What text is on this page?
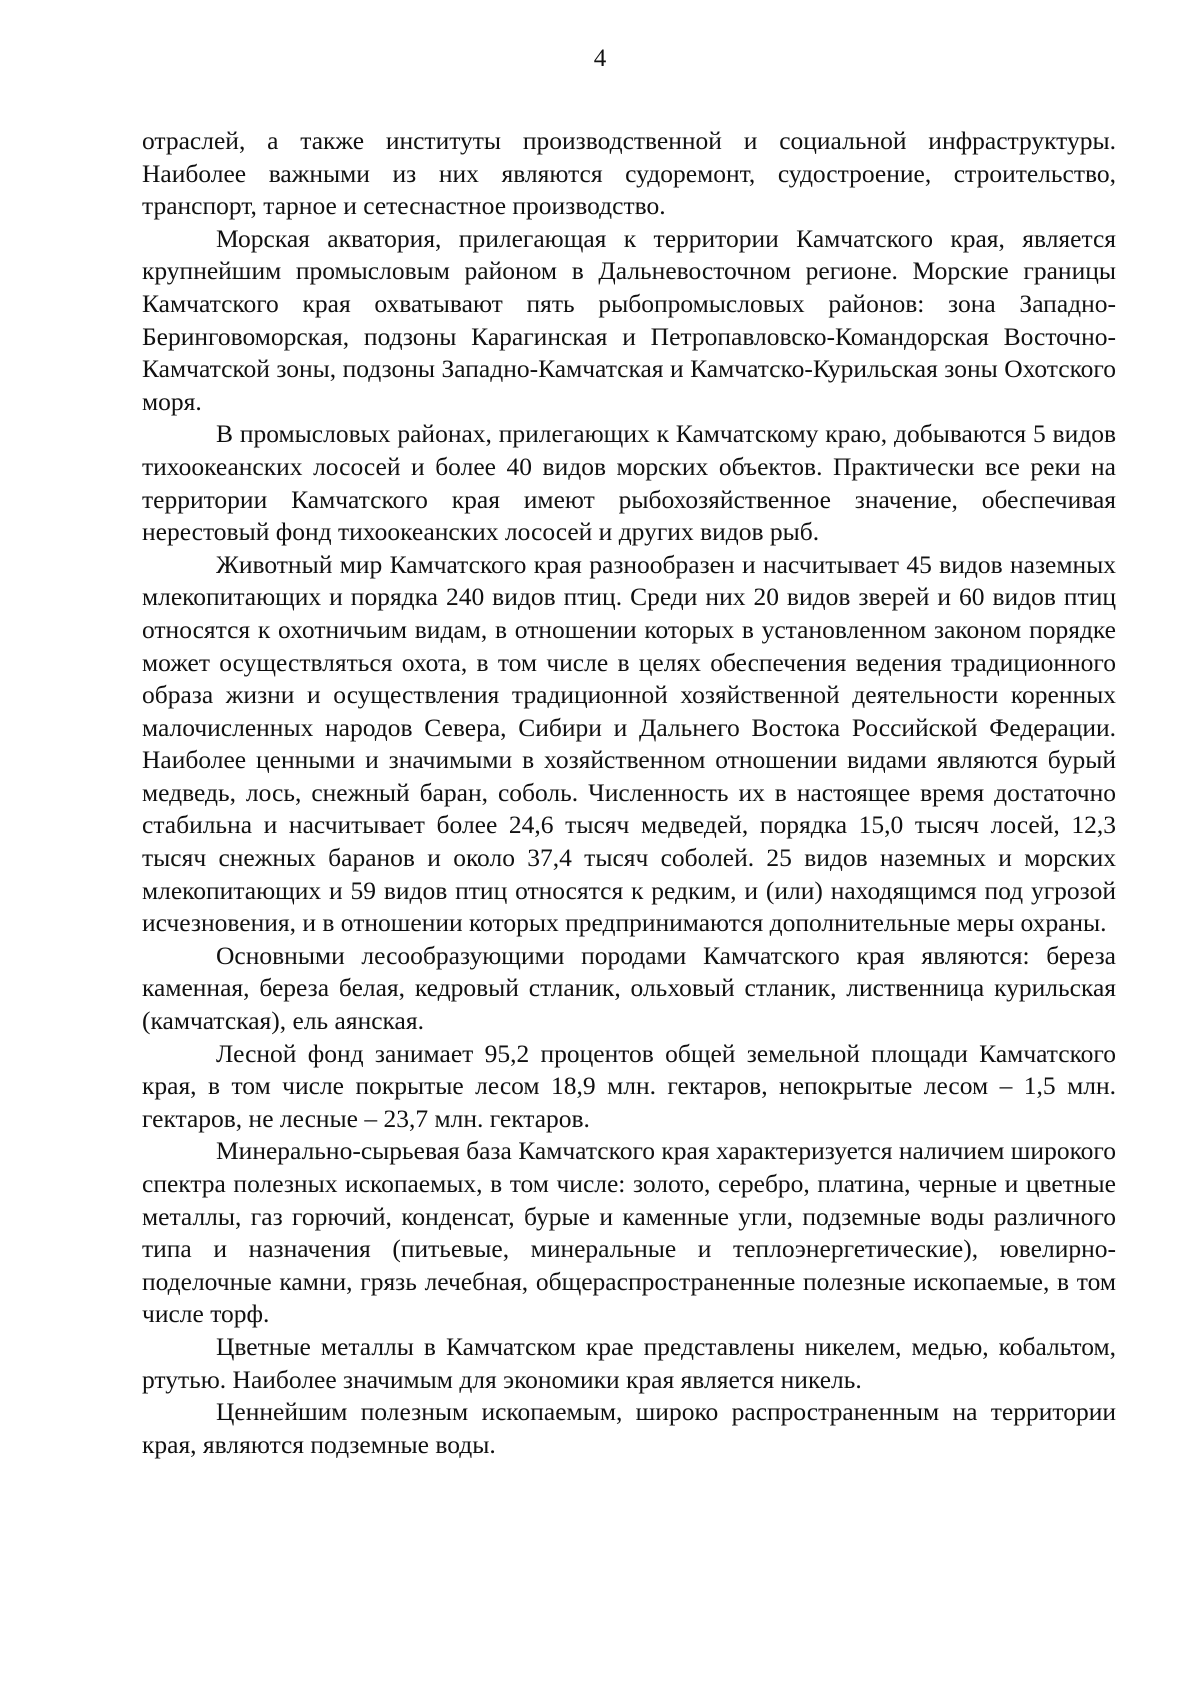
4

отраслей, а также институты производственной и социальной инфраструктуры. Наиболее важными из них являются судоремонт, судостроение, строительство, транспорт, тарное и сетеснастное производство.

Морская акватория, прилегающая к территории Камчатского края, является крупнейшим промысловым районом в Дальневосточном регионе. Морские границы Камчатского края охватывают пять рыбопромысловых районов: зона Западно-Беринговоморская, подзоны Карагинская и Петропавловско-Командорская Восточно-Камчатской зоны, подзоны Западно-Камчатская и Камчатско-Курильская зоны Охотского моря.

В промысловых районах, прилегающих к Камчатскому краю, добываются 5 видов тихоокеанских лососей и более 40 видов морских объектов. Практически все реки на территории Камчатского края имеют рыбохозяйственное значение, обеспечивая нерестовый фонд тихоокеанских лососей и других видов рыб.

Животный мир Камчатского края разнообразен и насчитывает 45 видов наземных млекопитающих и порядка 240 видов птиц. Среди них 20 видов зверей и 60 видов птиц относятся к охотничьим видам, в отношении которых в установленном законом порядке может осуществляться охота, в том числе в целях обеспечения ведения традиционного образа жизни и осуществления традиционной хозяйственной деятельности коренных малочисленных народов Севера, Сибири и Дальнего Востока Российской Федерации. Наиболее ценными и значимыми в хозяйственном отношении видами являются бурый медведь, лось, снежный баран, соболь. Численность их в настоящее время достаточно стабильна и насчитывает более 24,6 тысяч медведей, порядка 15,0 тысяч лосей, 12,3 тысяч снежных баранов и около 37,4 тысяч соболей. 25 видов наземных и морских млекопитающих и 59 видов птиц относятся к редким, и (или) находящимся под угрозой исчезновения, и в отношении которых предпринимаются дополнительные меры охраны.

Основными лесообразующими породами Камчатского края являются: береза каменная, береза белая, кедровый стланик, ольховый стланик, лиственница курильская (камчатская), ель аянская.

Лесной фонд занимает 95,2 процентов общей земельной площади Камчатского края, в том числе покрытые лесом 18,9 млн. гектаров, непокрытые лесом – 1,5 млн. гектаров, не лесные – 23,7 млн. гектаров.

Минерально-сырьевая база Камчатского края характеризуется наличием широкого спектра полезных ископаемых, в том числе: золото, серебро, платина, черные и цветные металлы, газ горючий, конденсат, бурые и каменные угли, подземные воды различного типа и назначения (питьевые, минеральные и теплоэнергетические), ювелирно-поделочные камни, грязь лечебная, общераспространенные полезные ископаемые, в том числе торф.

Цветные металлы в Камчатском крае представлены никелем, медью, кобальтом, ртутью. Наиболее значимым для экономики края является никель.

Ценнейшим полезным ископаемым, широко распространенным на территории края, являются подземные воды.
